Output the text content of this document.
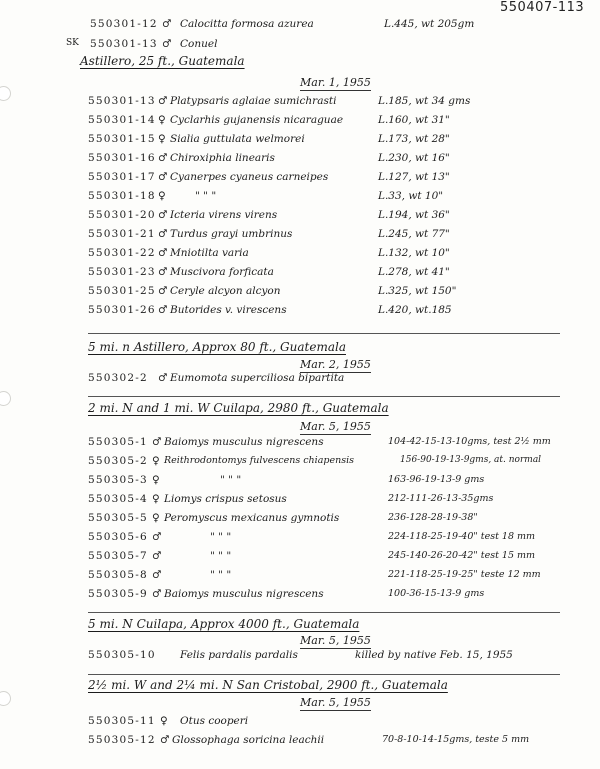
550407-113
550301-12 ♂ Calocitta formosa azurea	L.445, wt 205gm
SK 550301-13 ♂ Conuel
Astillero, 25 ft., Guatemala
Mar. 1, 1955
550301-13 ♂ Platypsaris aglaiae sumichrasti	L.185, wt 34 gms
550301-14 ♀ Cyclarhis gujanensis nicaraguae	L.160, wt 31"
550301-15 ♀ Sialia guttulata welmorei	L.173, wt 28"
550301-16 ♂ Chiroxiphia linearis	L.230, wt 16"
550301-17 ♂ Cyanerpes cyaneus carneipes	L.127, wt 13"
550301-18 ♀	" " "	L.33, wt 10"
550301-20 ♂ Icteria virens virens	L.194, wt 36"
550301-21 ♂ Turdus grayi umbrinus	L.245, wt 77"
550301-22 ♂ Mniotilta varia	L.132, wt 10"
550301-23 ♂ Muscivora forficata	L.278, wt 41"
550301-25 ♂ Ceryle alcyon alcyon	L.325, wt 150"
550301-26 ♂ Butorides v. virescens	L.420, wt.185
5 mi. n Astillero, Approx 80 ft., Guatemala
Mar. 2, 1955
550302-2 ♂ Eumomota superciliosa bipartita
2 mi. N and 1 mi. W Cuilapa, 2980 ft., Guatemala
Mar. 5, 1955
550305-1 ♂ Baiomys musculus nigrescens	104-42-15-13-10gms, test 2½ mm
550305-2 ♀ Reithrodontomys fulvescens chiapensis	156-90-19-13-9gms, at. normal
550305-3 ♀	" " "	163-96-19-13-9 gms
550305-4 ♀ Liomys crispus setosus	212-111-26-13-35gms
550305-5 ♀ Peromyscus mexicanus gymnotis	236-128-28-19-38"
550305-6 ♂	" " "	224-118-25-19-40" test 18 mm
550305-7 ♂	" " "	245-140-26-20-42" test 15 mm
550305-8 ♂	" " "	221-118-25-19-25" teste 12 mm
550305-9 ♂ Baiomys musculus nigrescens	100-36-15-13-9 gms
5 mi. N Cuilapa, Approx 4000 ft., Guatemala
Mar. 5, 1955
550305-10 Felis pardalis pardalis	killed by native Feb. 15, 1955
2½ mi. W and 2¼ mi. N San Cristobal, 2900 ft., Guatemala
Mar. 5, 1955
550305-11 ♀ Otus cooperi
550305-12 ♂ Glossophaga soricina leachii	70-8-10-14-15gms, teste 5 mm
